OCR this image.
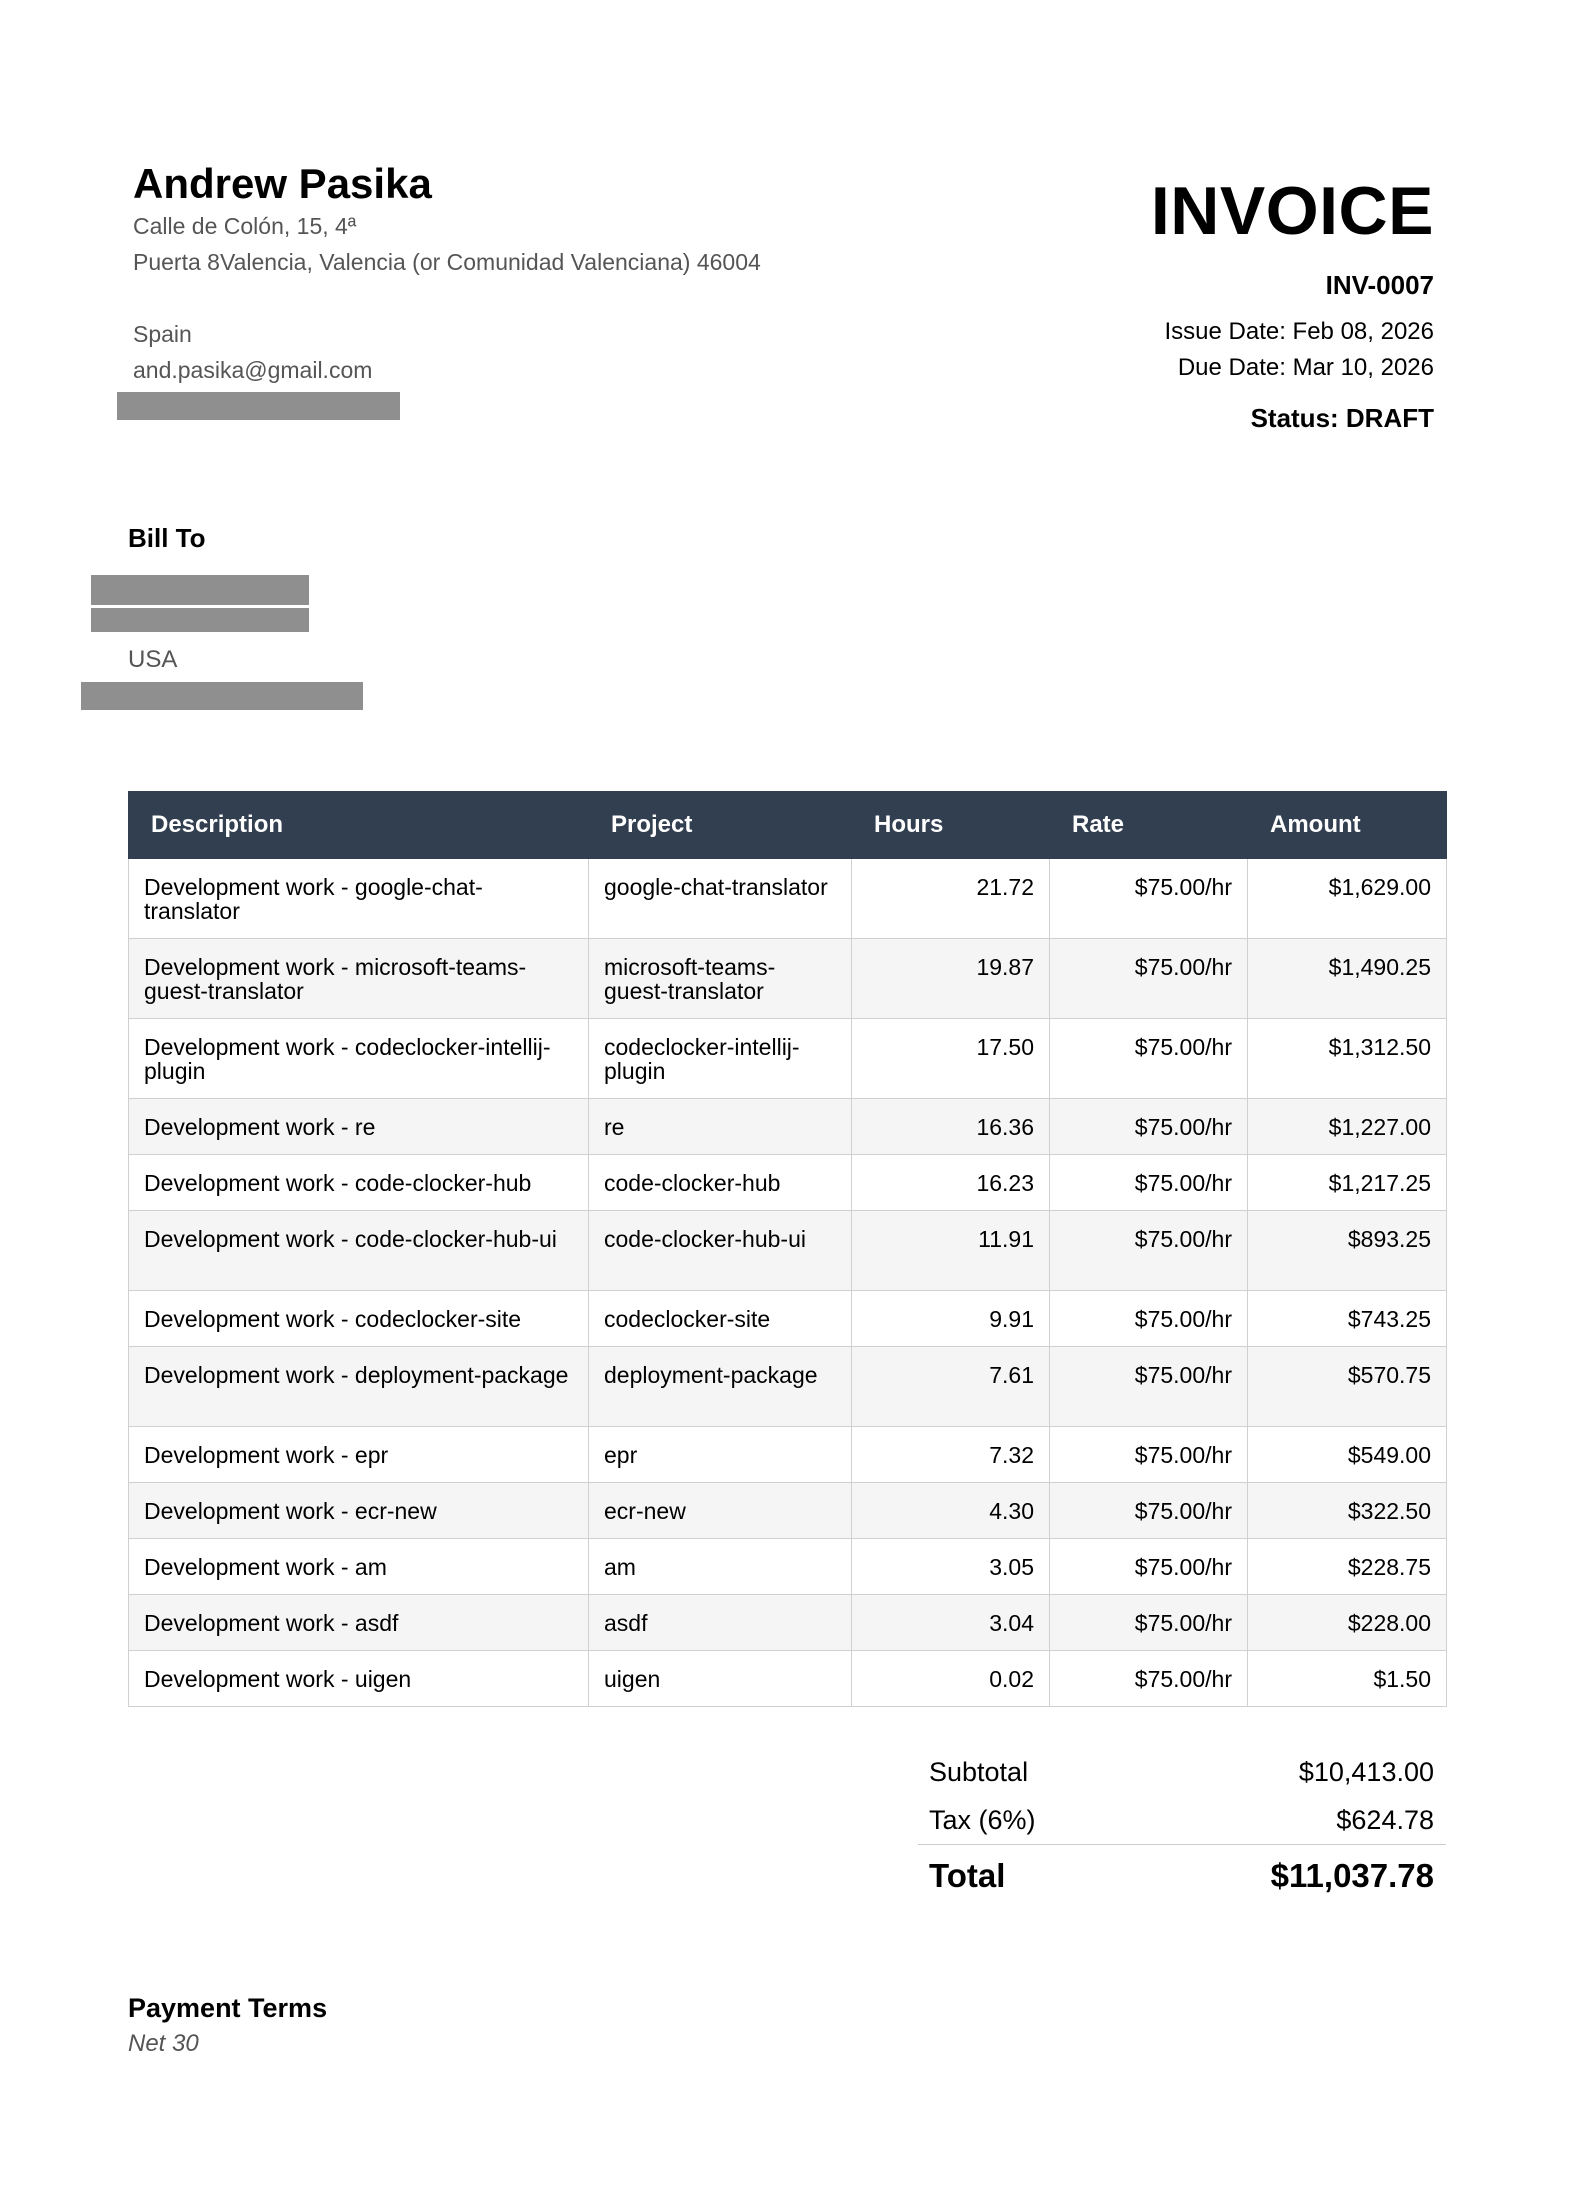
Andrew Pasika
Calle de Colón, 15, 4ª
Puerta 8Valencia, Valencia (or Comunidad Valenciana) 46004
Spain
and.pasika@gmail.com
INVOICE
INV-0007
Issue Date: Feb 08, 2026
Due Date: Mar 10, 2026
Status: DRAFT
Bill To
USA
Description	Project	Hours	Rate	Amount
Development work - google-chat-translator	google-chat-translator	21.72	$75.00/hr	$1,629.00
Development work - microsoft-teams-guest-translator	microsoft-teams-guest-translator	19.87	$75.00/hr	$1,490.25
Development work - codeclocker-intellij-plugin	codeclocker-intellij-plugin	17.50	$75.00/hr	$1,312.50
Development work - re	re	16.36	$75.00/hr	$1,227.00
Development work - code-clocker-hub	code-clocker-hub	16.23	$75.00/hr	$1,217.25
Development work - code-clocker-hub-ui	code-clocker-hub-ui	11.91	$75.00/hr	$893.25
Development work - codeclocker-site	codeclocker-site	9.91	$75.00/hr	$743.25
Development work - deployment-package	deployment-package	7.61	$75.00/hr	$570.75
Development work - epr	epr	7.32	$75.00/hr	$549.00
Development work - ecr-new	ecr-new	4.30	$75.00/hr	$322.50
Development work - am	am	3.05	$75.00/hr	$228.75
Development work - asdf	asdf	3.04	$75.00/hr	$228.00
Development work - uigen	uigen	0.02	$75.00/hr	$1.50
Subtotal	$10,413.00
Tax (6%)	$624.78
Total	$11,037.78
Payment Terms
Net 30
